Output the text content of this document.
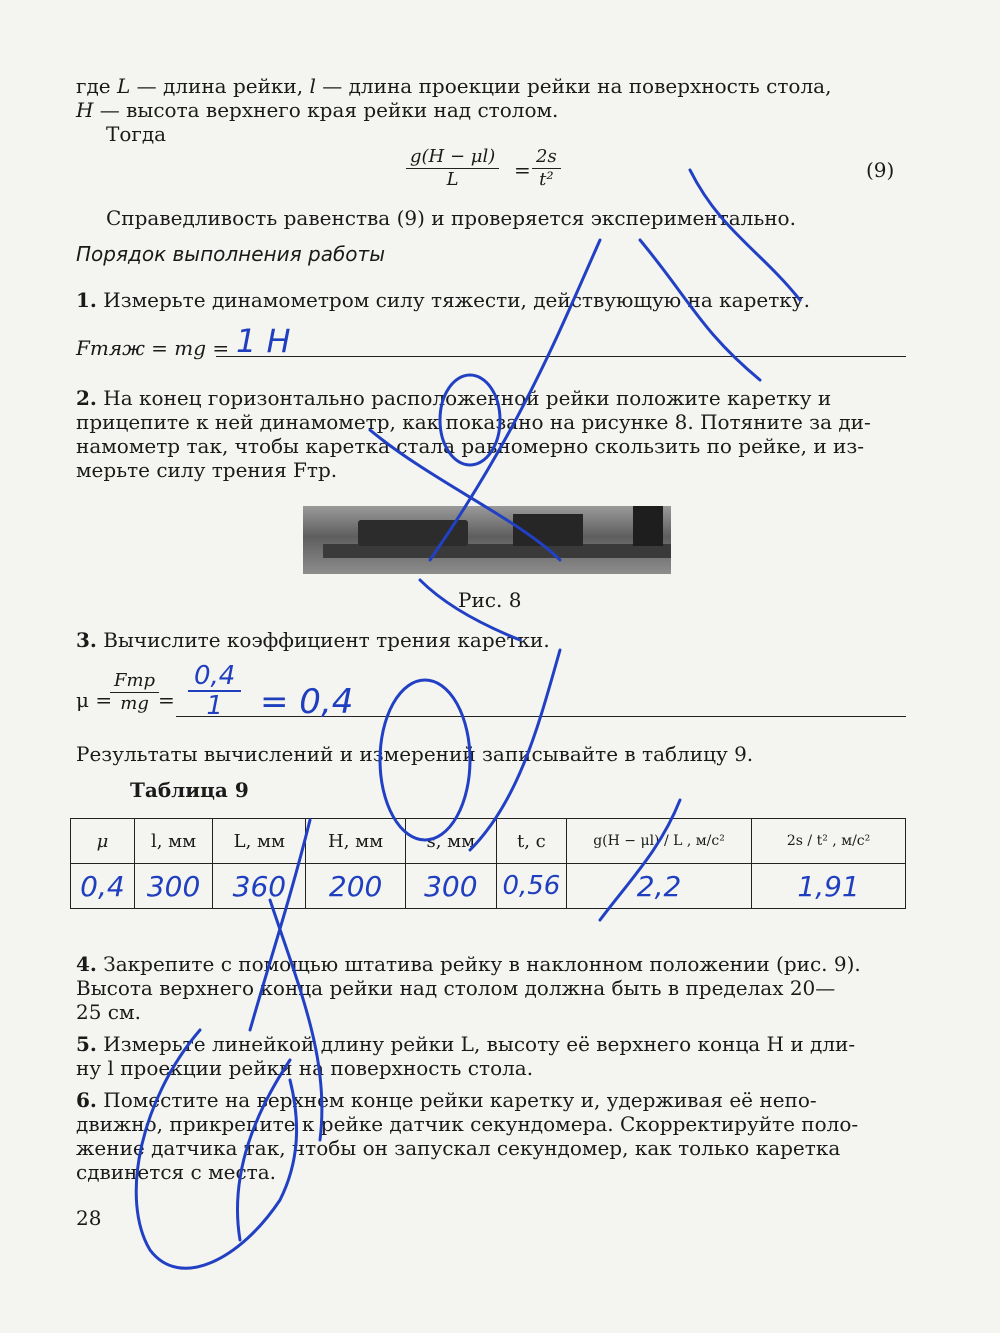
где L — длина рейки, l — длина проекции рейки на поверхность стола,
H — высота верхнего края рейки над столом.
Тогда
$\frac{g(H - \mu l)}{L} = \frac{2s}{\text{t²}}$	(9)
Справедливость равенства (9) и проверяется экспериментально.
Порядок выполнения работы
1. Измерьте динамометром силу тяжести, действующую на каретку.
Fтяж = mg = 1 Н
2. На конец горизонтально расположенной рейки положите каретку и
прицепите к ней динамометр, как показано на рисунке 8. Потяните за ди-
намометр так, чтобы каретка стала равномерно скользить по рейке, и из-
мерьте силу трения Fтр.
Рис. 8
3. Вычислите коэффициент трения каретки.
μ =
Fтр
mg =
0,4
1	= 0,4
Результаты вычислений и измерений записывайте в таблицу 9.
Таблица 9
μ	l, мм	L, мм	H, мм	s, мм	t, с	g(H − μl) / L , м/с²	2s / t² , м/с²
0,4	300	360	200	300	0,56	2,2	1,91
4. Закрепите с помощью штатива рейку в наклонном положении (рис. 9).
Высота верхнего конца рейки над столом должна быть в пределах 20—
25 см.
5. Измерьте линейкой длину рейки L, высоту её верхнего конца H и дли-
ну l проекции рейки на поверхность стола.
6. Поместите на верхнем конце рейки каретку и, удерживая её непо-
движно, прикрепите к рейке датчик секундомера. Скорректируйте поло-
жение датчика так, чтобы он запускал секундомер, как только каретка
сдвинется с места.
28
